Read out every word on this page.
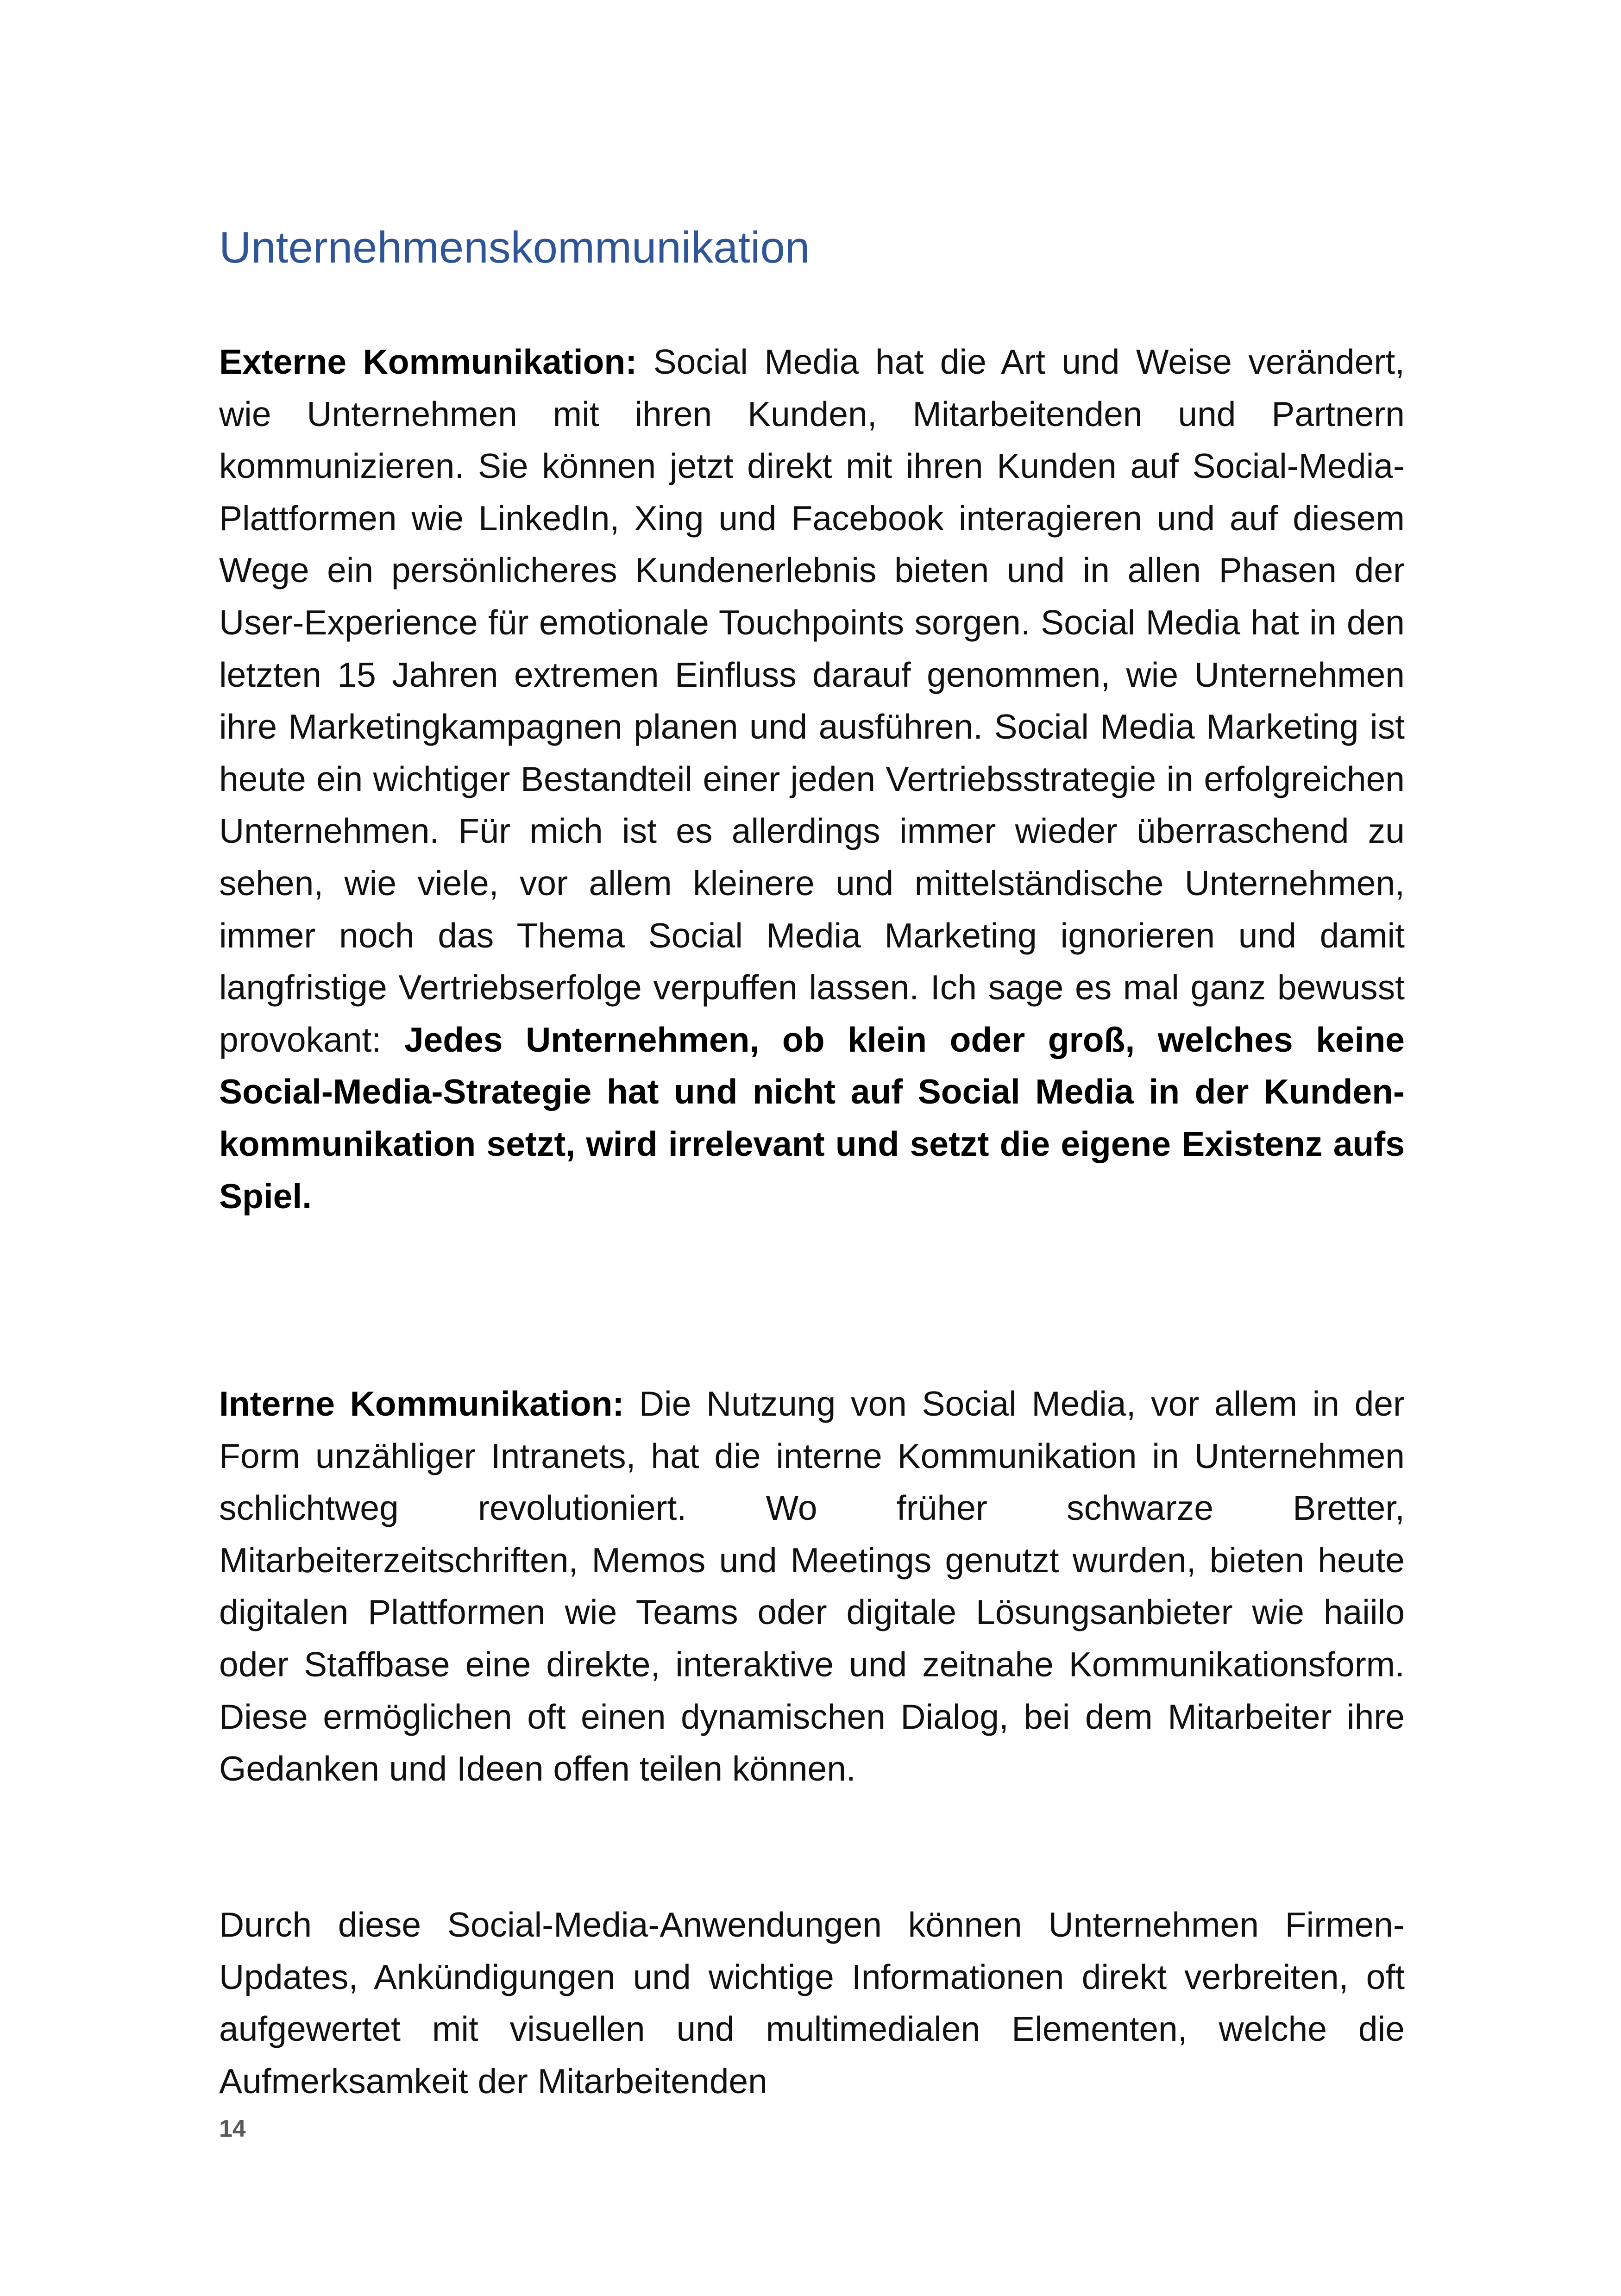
Unternehmenskommunikation

Externe Kommunikation: Social Media hat die Art und Weise verändert, wie Unternehmen mit ihren Kunden, Mitarbeitenden und Partnern kommunizieren. Sie können jetzt direkt mit ihren Kunden auf Social-Media-Plattformen wie LinkedIn, Xing und Facebook interagieren und auf diesem Wege ein persönlicheres Kundenerlebnis bieten und in allen Phasen der User-Experience für emotionale Touchpoints sorgen. Social Media hat in den letzten 15 Jahren extremen Einfluss darauf genommen, wie Unternehmen ihre Marketingkampagnen planen und ausführen. Social Media Marketing ist heute ein wichtiger Bestandteil einer jeden Vertriebsstrategie in erfolgreichen Unternehmen. Für mich ist es allerdings immer wieder überraschend zu sehen, wie viele, vor allem kleinere und mittelständische Unternehmen, immer noch das Thema Social Media Marketing ignorieren und damit langfristige Vertriebserfolge verpuffen lassen. Ich sage es mal ganz bewusst provokant: Jedes Unternehmen, ob klein oder groß, welches keine Social-Media-Strategie hat und nicht auf Social Media in der Kundenkommunikation setzt, wird irrelevant und setzt die eigene Existenz aufs Spiel.

Interne Kommunikation: Die Nutzung von Social Media, vor allem in der Form unzähliger Intranets, hat die interne Kommunikation in Unternehmen schlichtweg revolutioniert. Wo früher schwarze Bretter, Mitarbeiterzeitschriften, Memos und Meetings genutzt wurden, bieten heute digitalen Plattformen wie Teams oder digitale Lösungsanbieter wie haiilo oder Staffbase eine direkte, interaktive und zeitnahe Kommunikationsform. Diese ermöglichen oft einen dynamischen Dialog, bei dem Mitarbeiter ihre Gedanken und Ideen offen teilen können.

Durch diese Social-Media-Anwendungen können Unternehmen Firmen-Updates, Ankündigungen und wichtige Informationen direkt verbreiten, oft aufgewertet mit visuellen und multimedialen Elementen, welche die Aufmerksamkeit der Mitarbeitenden

14
